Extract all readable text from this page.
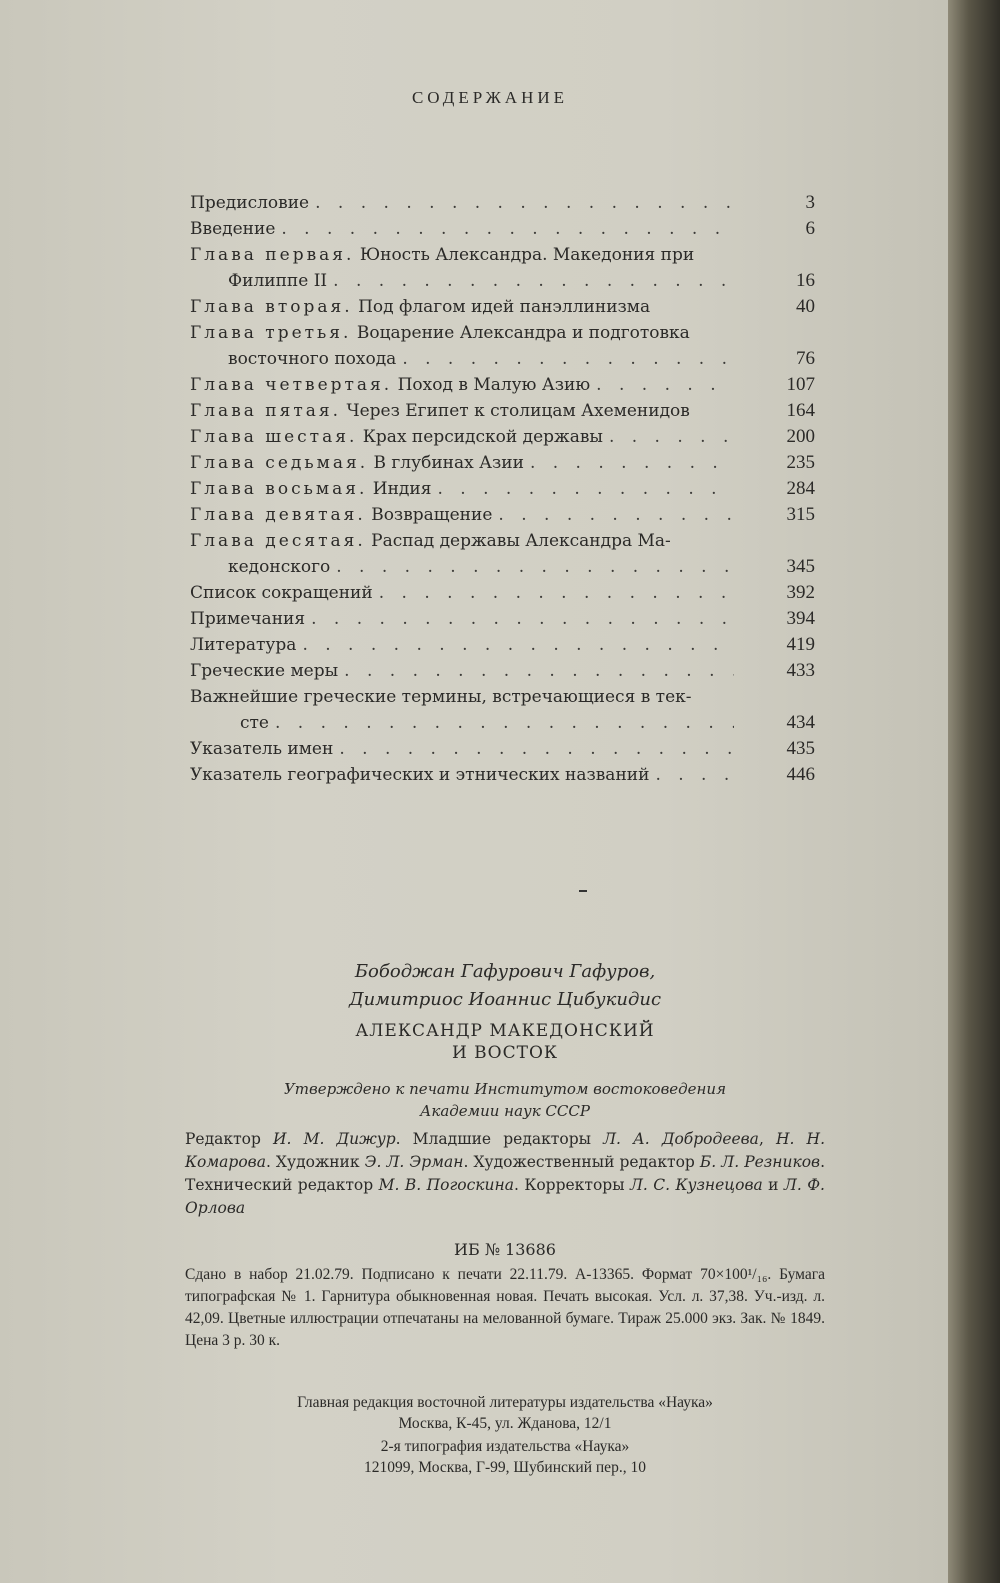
СОДЕРЖАНИЕ
Предисловие . . .	3
Введение . . .	6
Глава первая. Юность Александра. Македония при
Филиппе II . . .	16
Глава вторая. Под флагом идей панэллинизма	40
Глава третья. Воцарение Александра и подготовка
восточного похода . . .	76
Глава четвертая. Поход в Малую Азию . . .	107
Глава пятая. Через Египет к столицам Ахеменидов	164
Глава шестая. Крах персидской державы . . .	200
Глава седьмая. В глубинах Азии . . .	235
Глава восьмая. Индия . . .	284
Глава девятая. Возвращение . . .	315
Глава десятая. Распад державы Александра Ма-
кедонского . . .	345
Список сокращений . . .	392
Примечания . . .	394
Литература . . .	419
Греческие меры . . .	433
Важнейшие греческие термины, встречающиеся в тек-
сте . . .	434
Указатель имен . . .	435
Указатель географических и этнических названий . . .	446
Бободжан Гафурович Гафуров,
Димитриос Иоаннис Цибукидис
АЛЕКСАНДР МАКЕДОНСКИЙ
И ВОСТОК
Утверждено к печати Институтом востоковедения
Академии наук СССР
Редактор И. М. Дижур. Младшие редакторы Л. А. Добродеева, Н. Н. Комарова. Художник Э. Л. Эрман. Художественный редактор Б. Л. Резников. Технический редактор М. В. Погоскина. Корректоры Л. С. Кузнецова и Л. Ф. Орлова
ИБ № 13686
Сдано в набор 21.02.79. Подписано к печати 22.11.79. А-13365. Формат 70×100¹/₁₆. Бумага типографская № 1. Гарнитура обыкновенная новая. Печать высокая. Усл. л. 37,38. Уч.-изд. л. 42,09. Цветные иллюстрации отпечатаны на мелованной бумаге. Тираж 25.000 экз. Зак. № 1849. Цена 3 р. 30 к.
Главная редакция восточной литературы издательства «Наука»
Москва, К-45, ул. Жданова, 12/1
2-я типография издательства «Наука»
121099, Москва, Г-99, Шубинский пер., 10
